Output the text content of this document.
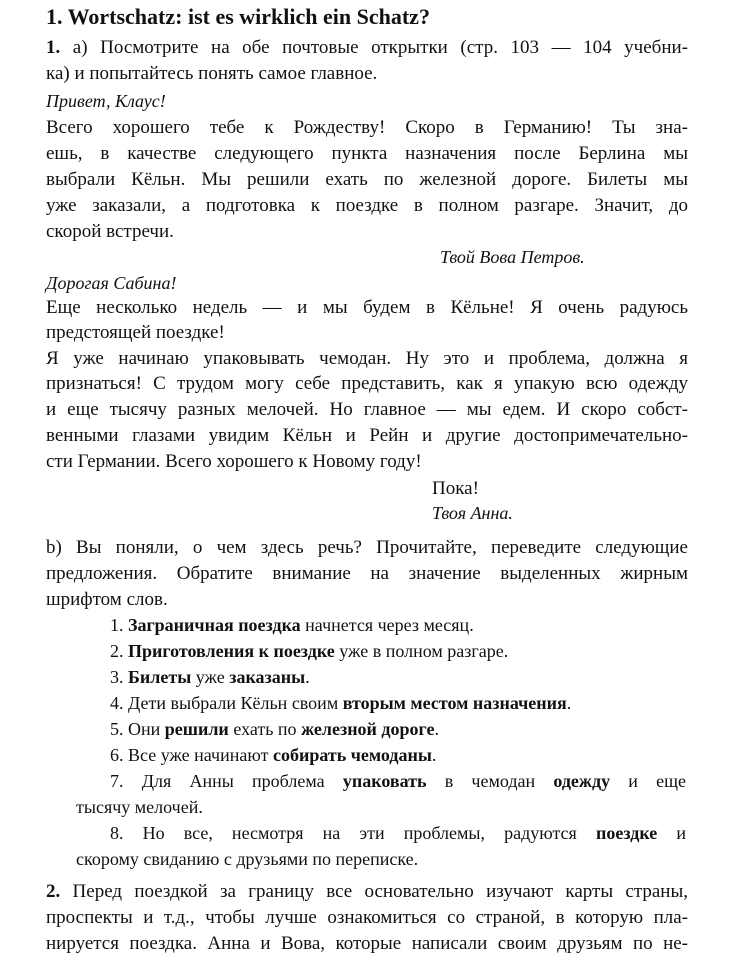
1. Wortschatz: ist es wirklich ein Schatz?
1. а) Посмотрите на обе почтовые открытки (стр. 103 — 104 учебни-
ка) и попытайтесь понять самое главное.
Привет, Клаус!
Всего хорошего тебе к Рождеству! Скоро в Германию! Ты зна-
ешь, в качестве следующего пункта назначения после Берлина мы
выбрали Кёльн. Мы решили ехать по железной дороге. Билеты мы
уже заказали, а подготовка к поездке в полном разгаре. Значит, до
скорой встречи.
Твой Вова Петров.
Дорогая Сабина!
Еще несколько недель — и мы будем в Кёльне! Я очень радуюсь
предстоящей поездке!
Я уже начинаю упаковывать чемодан. Ну это и проблема, должна я
признаться! С трудом могу себе представить, как я упакую всю одежду
и еще тысячу разных мелочей. Но главное — мы едем. И скоро собст-
венными глазами увидим Кёльн и Рейн и другие достопримечательно-
сти Германии. Всего хорошего к Новому году!
Пока!
Твоя Анна.
b) Вы поняли, о чем здесь речь? Прочитайте, переведите следующие
предложения. Обратите внимание на значение выделенных жирным
шрифтом слов.
1. Заграничная поездка начнется через месяц.
2. Приготовления к поездке уже в полном разгаре.
3. Билеты уже заказаны.
4. Дети выбрали Кёльн своим вторым местом назначения.
5. Они решили ехать по железной дороге.
6. Все уже начинают собирать чемоданы.
7. Для Анны проблема упаковать в чемодан одежду и еще
тысячу мелочей.
8. Но все, несмотря на эти проблемы, радуются поездке и
скорому свиданию с друзьями по переписке.
2. Перед поездкой за границу все основательно изучают карты страны,
проспекты и т.д., чтобы лучше ознакомиться со страной, в которую пла-
нируется поездка. Анна и Вова, которые написали своим друзьям по не-
